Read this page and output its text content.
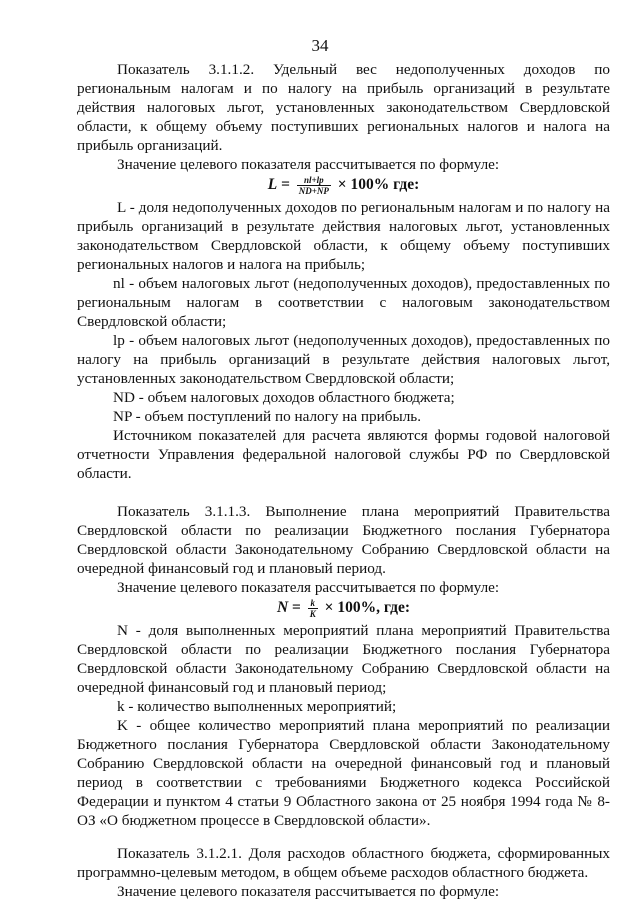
34

Показатель 3.1.1.2. Удельный вес недополученных доходов по региональным налогам и по налогу на прибыль организаций в результате действия налоговых льгот, установленных законодательством Свердловской области, к общему объему поступивших региональных налогов и налога на прибыль организаций.

Значение целевого показателя рассчитывается по формуле:

$L = \frac{nl+lp}{ND+NP} \times 100\%$ где:

L - доля недополученных доходов по региональным налогам и по налогу на прибыль организаций в результате действия налоговых льгот, установленных законодательством Свердловской области, к общему объему поступивших региональных налогов и налога на прибыль;

nl - объем налоговых льгот (недополученных доходов), предоставленных по региональным налогам в соответствии с налоговым законодательством Свердловской области;

lp - объем налоговых льгот (недополученных доходов), предоставленных по налогу на прибыль организаций в результате действия налоговых льгот, установленных законодательством Свердловской области;

ND - объем налоговых доходов областного бюджета;

NP - объем поступлений по налогу на прибыль.

Источником показателей для расчета являются формы годовой налоговой отчетности Управления федеральной налоговой службы РФ по Свердловской области.

Показатель 3.1.1.3. Выполнение плана мероприятий Правительства Свердловской области по реализации Бюджетного послания Губернатора Свердловской области Законодательному Собранию Свердловской области на очередной финансовый год и плановый период.

Значение целевого показателя рассчитывается по формуле:

$N = \frac{k}{K} \times 100\%$, где:

N - доля выполненных мероприятий плана мероприятий Правительства Свердловской области по реализации Бюджетного послания Губернатора Свердловской области Законодательному Собранию Свердловской области на очередной финансовый год и плановый период;

k - количество выполненных мероприятий;

K - общее количество мероприятий плана мероприятий по реализации Бюджетного послания Губернатора Свердловской области Законодательному Собранию Свердловской области на очередной финансовый год и плановый период в соответствии с требованиями Бюджетного кодекса Российской Федерации и пунктом 4 статьи 9 Областного закона от 25 ноября 1994 года № 8-ОЗ «О бюджетном процессе в Свердловской области».

Показатель 3.1.2.1. Доля расходов областного бюджета, сформированных программно-целевым методом, в общем объеме расходов областного бюджета.

Значение целевого показателя рассчитывается по формуле:
